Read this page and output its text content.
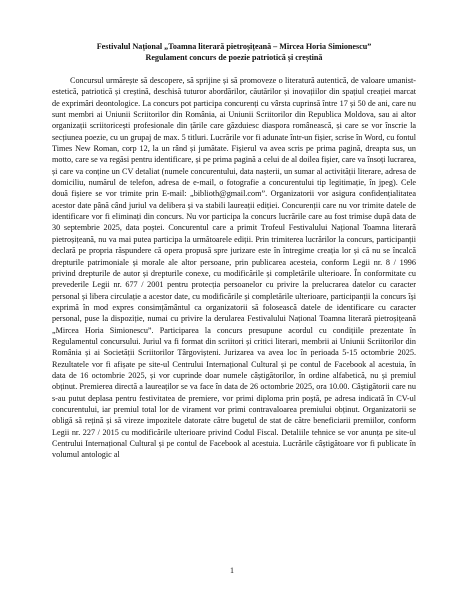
Festivalul Național „Toamna literară pietroșițeană – Mircea Horia Simionescu”
Regulament concurs de poezie patriotică și creștină

Concursul urmărește să descopere, să sprijine și să promoveze o literatură autentică, de valoare umanist-estetică, patriotică și creștină, deschisă tuturor abordărilor, căutărilor și inovațiilor din spațiul creației marcat de exprimări deontologice. La concurs pot participa concurenți cu vârsta cuprinsă între 17 și 50 de ani, care nu sunt membri ai Uniunii Scriitorilor din România, ai Uniunii Scriitorilor din Republica Moldova, sau ai altor organizații scriitoricești profesionale din țările care găzduiesc diaspora românească, și care se vor înscrie la secțiunea poezie, cu un grupaj de max. 5 titluri. Lucrările vor fi adunate într-un fișier, scrise în Word, cu fontul Times New Roman, corp 12, la un rând și jumătate. Fișierul va avea scris pe prima pagină, dreapta sus, un motto, care se va regăsi pentru identificare, și pe prima pagină a celui de al doilea fișier, care va însoți lucrarea, și care va conține un CV detaliat (numele concurentului, data nașterii, un sumar al activității literare, adresa de domiciliu, numărul de telefon, adresa de e-mail, o fotografie a concurentului tip legitimație, în jpeg). Cele două fișiere se vor trimite prin E-mail: „biblioth@gmail.com”. Organizatorii vor asigura confidențialitatea acestor date până când juriul va delibera și va stabili laureații ediției. Concurenții care nu vor trimite datele de identificare vor fi eliminați din concurs. Nu vor participa la concurs lucrările care au fost trimise după data de 30 septembrie 2025, data poștei. Concurentul care a primit Trofeul Festivalului Național Toamna literară pietroșițeană, nu va mai putea participa la următoarele ediții. Prin trimiterea lucrărilor la concurs, participanții declară pe propria răspundere că opera propusă spre jurizare este în întregime creația lor și că nu se încalcă drepturile patrimoniale și morale ale altor persoane, prin publicarea acesteia, conform Legii nr. 8 / 1996 privind drepturile de autor și drepturile conexe, cu modificările și completările ulterioare. În conformitate cu prevederile Legii nr. 677 / 2001 pentru protecția persoanelor cu privire la prelucrarea datelor cu caracter personal și libera circulație a acestor date, cu modificările și completările ulterioare, participanții la concurs își exprimă în mod expres consimțământul ca organizatorii să folosească datele de identificare cu caracter personal, puse la dispoziție, numai cu privire la derularea Festivalului Național Toamna literară pietroșițeană „Mircea Horia Simionescu”. Participarea la concurs presupune acordul cu condițiile prezentate în Regulamentul concursului. Juriul va fi format din scriitori și critici literari, membrii ai Uniunii Scriitorilor din România și ai Societății Scriitorilor Târgovișteni. Jurizarea va avea loc în perioada 5-15 octombrie 2025. Rezultatele vor fi afișate pe site-ul Centrului Internațional Cultural și pe contul de Facebook al acestuia, în data de 16 octombrie 2025, și vor cuprinde doar numele câștigătorilor, în ordine alfabetică, nu și premiul obținut. Premierea directă a laureaților se va face în data de 26 octombrie 2025, ora 10.00. Câștigătorii care nu s-au putut deplasa pentru festivitatea de premiere, vor primi diploma prin poștă, pe adresa indicată în CV-ul concurentului, iar premiul total lor de virament vor primi contravaloarea premiului obținut. Organizatorii se obligă să rețină și să vireze impozitele datorate către bugetul de stat de către beneficiarii premiilor, conform Legii nr. 227 / 2015 cu modificările ulterioare privind Codul Fiscal. Detaliile tehnice se vor anunța pe site-ul Centrului Internațional Cultural și pe contul de Facebook al acestuia. Lucrările câștigătoare vor fi publicate în volumul antologic al

1
